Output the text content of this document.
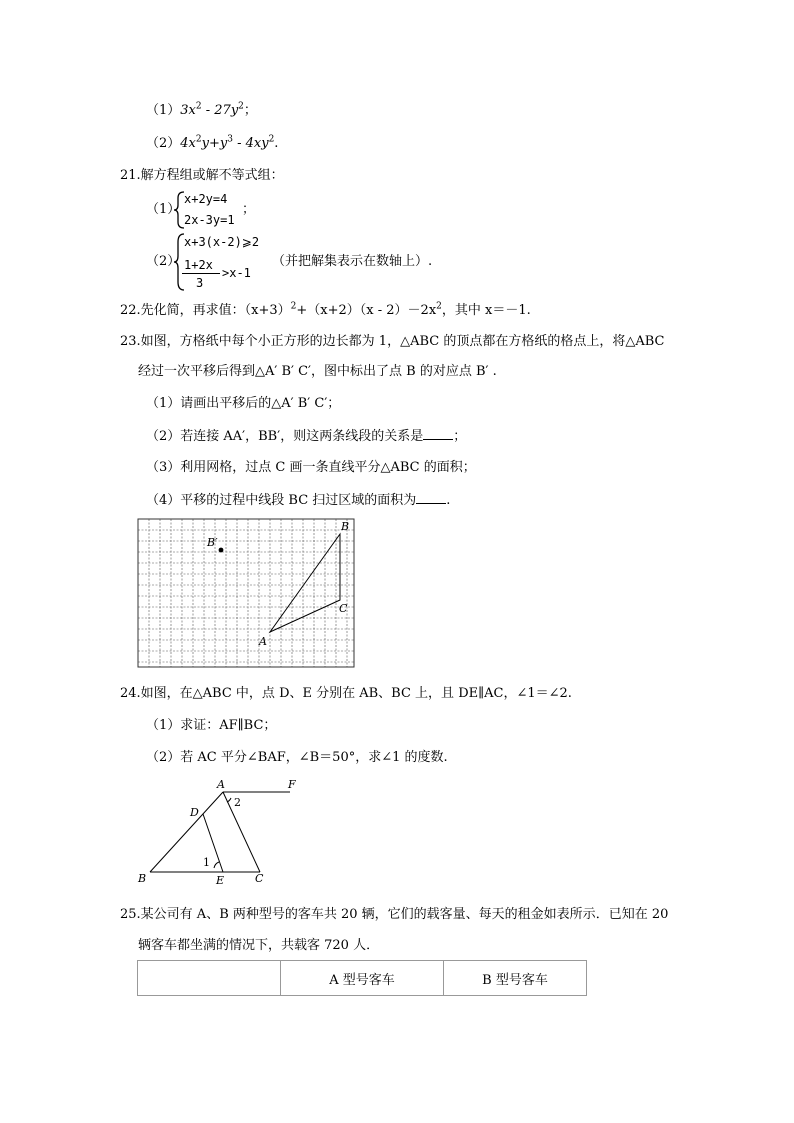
$(1)3x^2 - 27y^2$；
$(2)4x^2y+y^3 - 4xy^2$.
21.解方程组或解不等式组：
（1）
x+2y=4
2x-3y=1
；
（2）
x+3(x-2)⩾2
1+2x
3
>x-1
（并把解集表示在数轴上）.
22.先化简，再求值：$(x+3)^2+(x+2)(x - 2)-2x^2$，其中 x＝－1.
23.如图，方格纸中每个小正方形的边长都为 1，△ABC 的顶点都在方格纸的格点上，将△ABC
经过一次平移后得到△A′ B′ C′，图中标出了点 B 的对应点 B′ .
（1）请画出平移后的△A′ B′ C′；
（2）若连接 AA′，BB′，则这两条线段的关系是 ；
（3）利用网格，过点 C 画一条直线平分△ABC 的面积；
（4）平移的过程中线段 BC 扫过区域的面积为 .
B
B′
C
A
24.如图，在△ABC 中，点 D、E 分别在 AB、BC 上，且 DE∥AC，∠1＝∠2.
（1）求证：AF∥BC；
（2）若 AC 平分∠BAF，∠B＝50°，求∠1 的度数.
A	F
D
B	E	C
1
2
25.某公司有 A、B 两种型号的客车共 20 辆，它们的载客量、每天的租金如表所示．已知在 20
辆客车都坐满的情况下，共载客 720 人．
	A 型号客车	B 型号客车
